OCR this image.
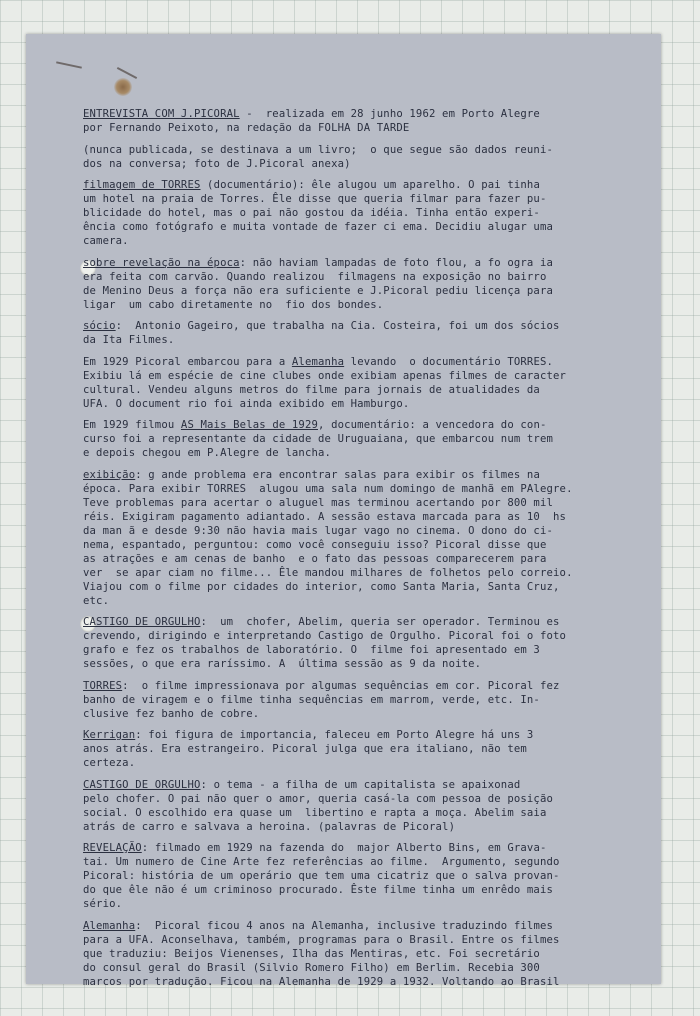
ENTREVISTA COM J.PICORAL -  realizada em 28 junho 1962 em Porto Alegre
por Fernando Peixoto, na redação da FOLHA DA TARDE
(nunca publicada, se destinava a um livro;  o que segue são dados reuni-
dos na conversa; foto de J.Picoral anexa)
filmagem de TORRES (documentário): êle alugou um aparelho. O pai tinha
um hotel na praia de Torres. Êle disse que queria filmar para fazer pu-
blicidade do hotel, mas o pai não gostou da idéia. Tinha então experi-
ência como fotógrafo e muita vontade de fazer ci ema. Decidiu alugar uma
camera.
sobre revelação na época: não haviam lampadas de foto flou, a fo ogra ia
era feita com carvão. Quando realizou  filmagens na exposição no bairro
de Menino Deus a força não era suficiente e J.Picoral pediu licença para
ligar  um cabo diretamente no  fio dos bondes.
sócio:  Antonio Gageiro, que trabalha na Cia. Costeira, foi um dos sócios
da Ita Filmes.
Em 1929 Picoral embarcou para a Alemanha levando  o documentário TORRES.
Exibiu lá em espécie de cine clubes onde exibiam apenas filmes de caracter
cultural. Vendeu alguns metros do filme para jornais de atualidades da
UFA. O document rio foi ainda exibido em Hamburgo.
Em 1929 filmou AS Mais Belas de 1929, documentário: a vencedora do con-
curso foi a representante da cidade de Uruguaiana, que embarcou num trem
e depois chegou em P.Alegre de lancha.
exibição: g ande problema era encontrar salas para exibir os filmes na
época. Para exibir TORRES  alugou uma sala num domingo de manhã em PAlegre.
Teve problemas para acertar o aluguel mas terminou acertando por 800 mil
réis. Exigiram pagamento adiantado. A sessão estava marcada para as 10  hs
da man ã e desde 9:30 não havia mais lugar vago no cinema. O dono do ci-
nema, espantado, perguntou: como você conseguiu isso? Picoral disse que
as atrações e am cenas de banho  e o fato das pessoas comparecerem para
ver  se apar ciam no filme... Êle mandou milhares de folhetos pelo correio.
Viajou com o filme por cidades do interior, como Santa Maria, Santa Cruz,
etc.
CASTIGO DE ORGULHO:  um  chofer, Abelim, queria ser operador. Terminou es
crevendo, dirigindo e interpretando Castigo de Orgulho. Picoral foi o foto
grafo e fez os trabalhos de laboratório. O  filme foi apresentado em 3
sessões, o que era raríssimo. A  última sessão as 9 da noite.
TORRES:  o filme impressionava por algumas sequências em cor. Picoral fez
banho de viragem e o filme tinha sequências em marrom, verde, etc. In-
clusive fez banho de cobre.
Kerrigan: foi figura de importancia, faleceu em Porto Alegre há uns 3
anos atrás. Era estrangeiro. Picoral julga que era italiano, não tem
certeza.
CASTIGO DE ORGULHO: o tema - a filha de um capitalista se apaixonad
pelo chofer. O pai não quer o amor, queria casá-la com pessoa de posição
social. O escolhido era quase um  libertino e rapta a moça. Abelim saia
atrás de carro e salvava a heroina. (palavras de Picoral)
REVELAÇÃO: filmado em 1929 na fazenda do  major Alberto Bins, em Grava-
tai. Um numero de Cine Arte fez referências ao filme.  Argumento, segundo
Picoral: história de um operário que tem uma cicatriz que o salva provan-
do que êle não é um criminoso procurado. Êste filme tinha um enrêdo mais
sério.
Alemanha:  Picoral ficou 4 anos na Alemanha, inclusive traduzindo filmes
para a UFA. Aconselhava, também, programas para o Brasil. Entre os filmes
que traduziu: Beijos Vienenses, Ilha das Mentiras, etc. Foi secretário
do consul geral do Brasil (Silvio Romero Filho) em Berlim. Recebia 300
marcos por tradução. Ficou na Alemanha de 1929 a 1932. Voltando ao Brasil
